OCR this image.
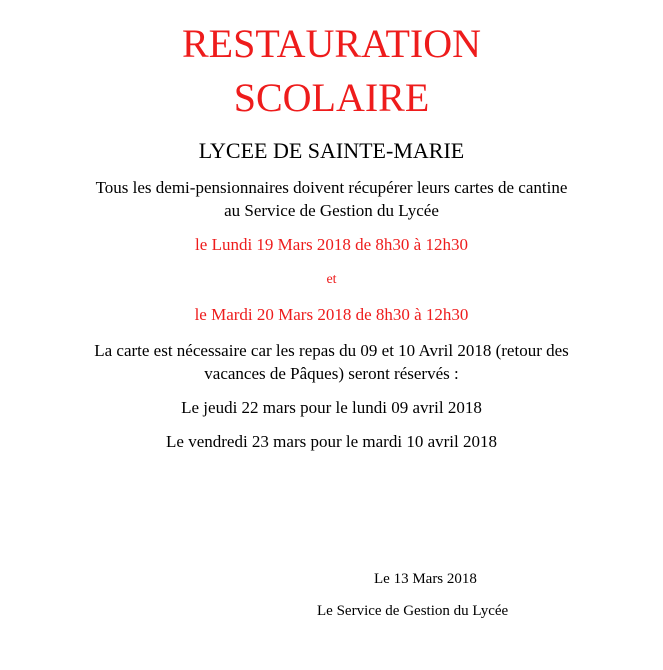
RESTAURATION
SCOLAIRE
LYCEE DE SAINTE-MARIE
Tous les demi-pensionnaires doivent récupérer leurs cartes de cantine
au Service de Gestion du Lycée
le Lundi 19 Mars 2018 de 8h30 à 12h30
et
le Mardi 20 Mars 2018 de 8h30 à 12h30
La carte est nécessaire car les repas du 09 et 10 Avril 2018 (retour des
vacances de Pâques) seront réservés :
Le jeudi 22 mars pour le lundi 09 avril 2018
Le vendredi 23 mars pour le mardi 10 avril 2018
Le 13 Mars 2018
Le Service de Gestion du Lycée
